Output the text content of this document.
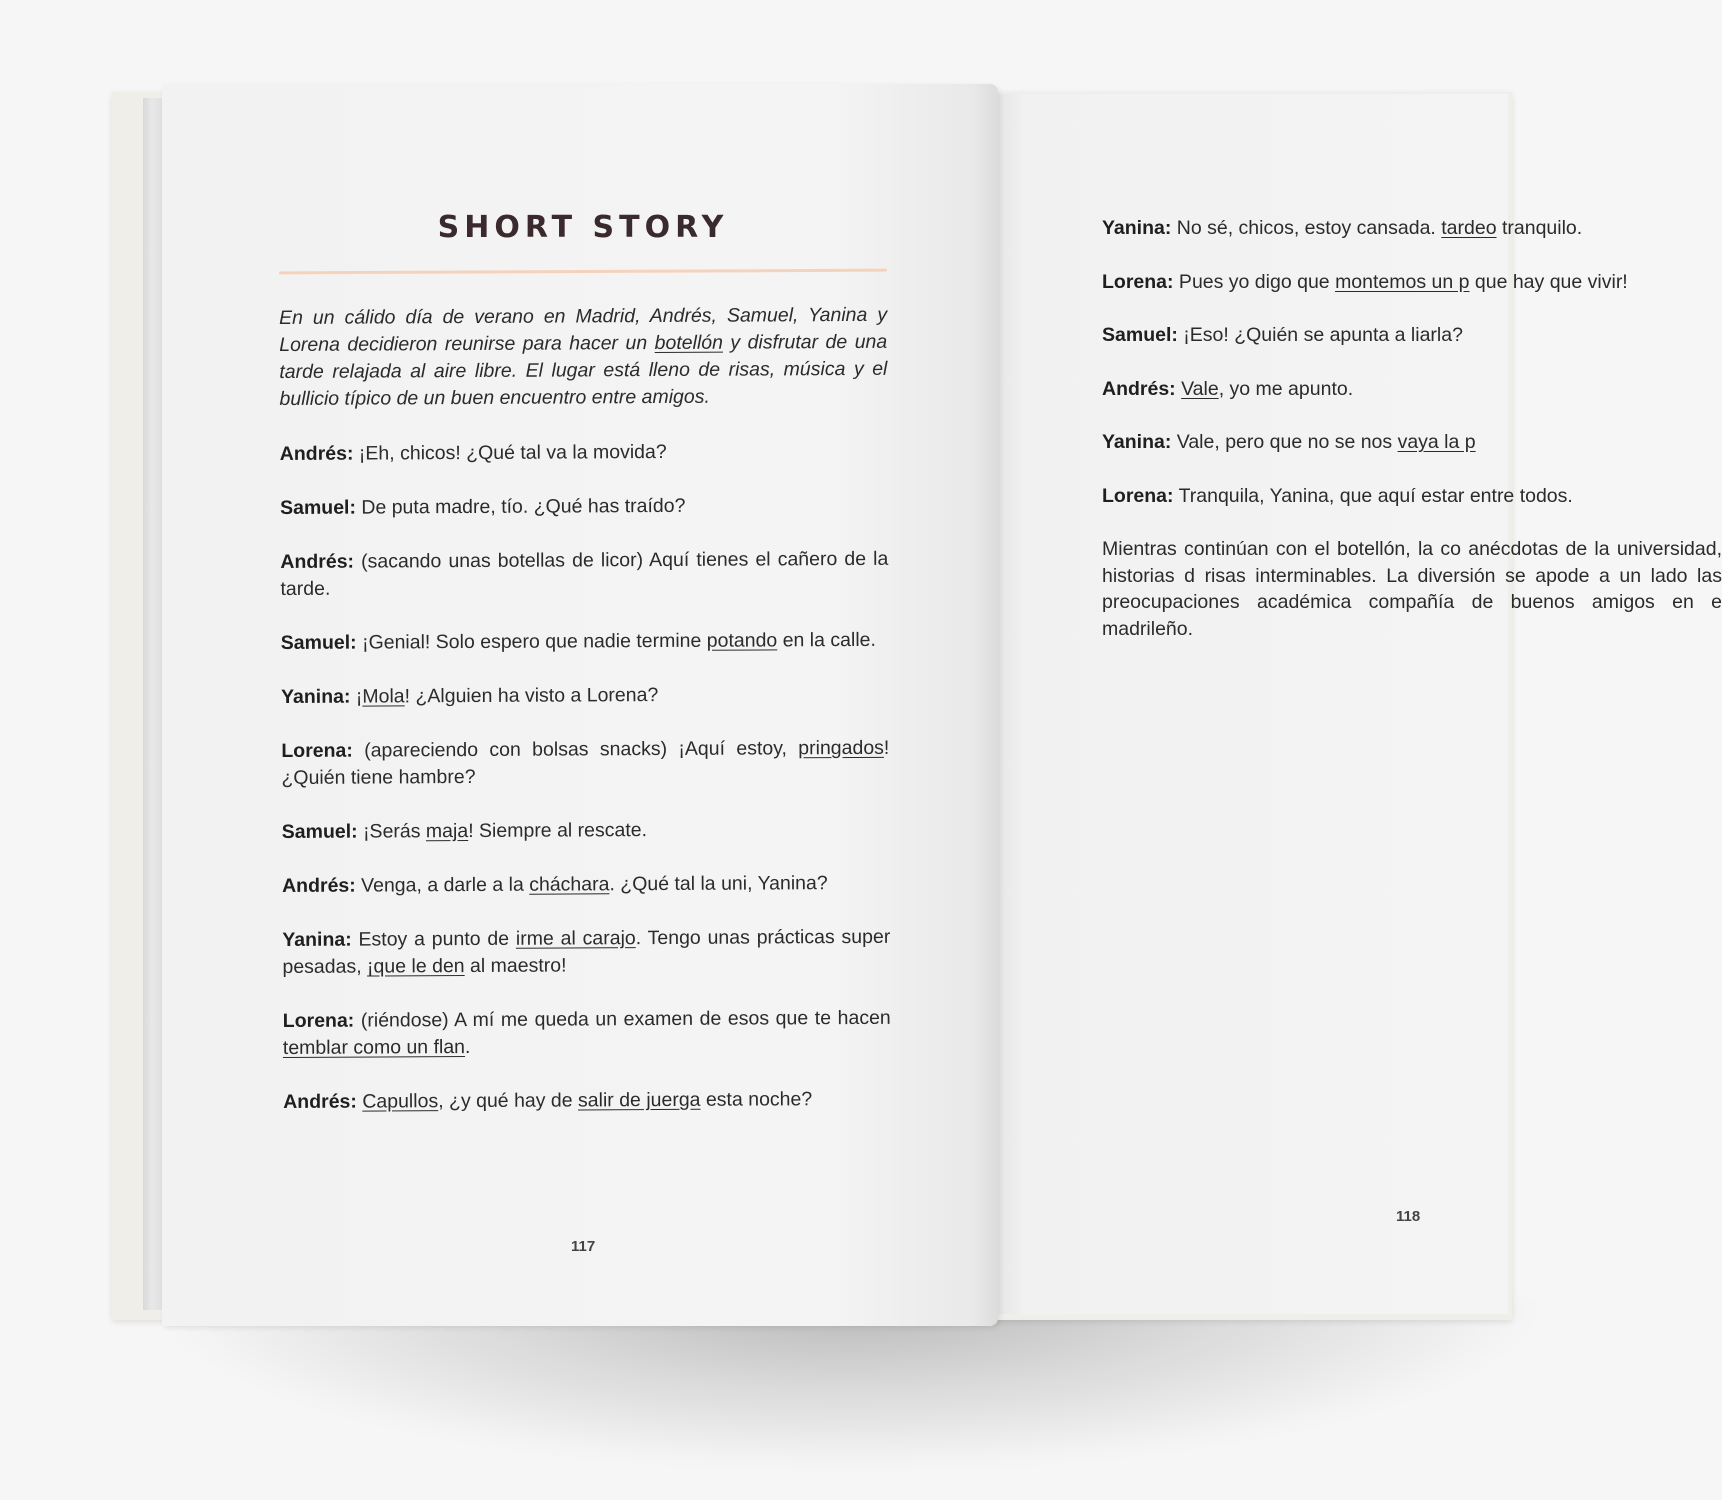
SHORT STORY

En un cálido día de verano en Madrid, Andrés, Samuel, Yanina y Lorena decidieron reunirse para hacer un botellón y disfrutar de una tarde relajada al aire libre. El lugar está lleno de risas, música y el bullicio típico de un buen encuentro entre amigos.

Andrés: ¡Eh, chicos! ¿Qué tal va la movida?

Samuel: De puta madre, tío. ¿Qué has traído?

Andrés: (sacando unas botellas de licor) Aquí tienes el cañero de la tarde.

Samuel: ¡Genial! Solo espero que nadie termine potando en la calle.

Yanina: ¡Mola! ¿Alguien ha visto a Lorena?

Lorena: (apareciendo con bolsas snacks) ¡Aquí estoy, pringados! ¿Quién tiene hambre?

Samuel: ¡Serás maja! Siempre al rescate.

Andrés: Venga, a darle a la cháchara. ¿Qué tal la uni, Yanina?

Yanina: Estoy a punto de irme al carajo. Tengo unas prácticas super pesadas, ¡que le den al maestro!

Lorena: (riéndose) A mí me queda un examen de esos que te hacen temblar como un flan.

Andrés: Capullos, ¿y qué hay de salir de juerga esta noche?

117

Yanina: No sé, chicos, estoy cansada. tardeo tranquilo.

Lorena: Pues yo digo que montemos un p que hay que vivir!

Samuel: ¡Eso! ¿Quién se apunta a liarla?

Andrés: Vale, yo me apunto.

Yanina: Vale, pero que no se nos vaya la p

Lorena: Tranquila, Yanina, que aquí estar entre todos.

Mientras continúan con el botellón, la co anécdotas de la universidad, historias d risas interminables. La diversión se apode a un lado las preocupaciones académica compañía de buenos amigos en e madrileño.

118
